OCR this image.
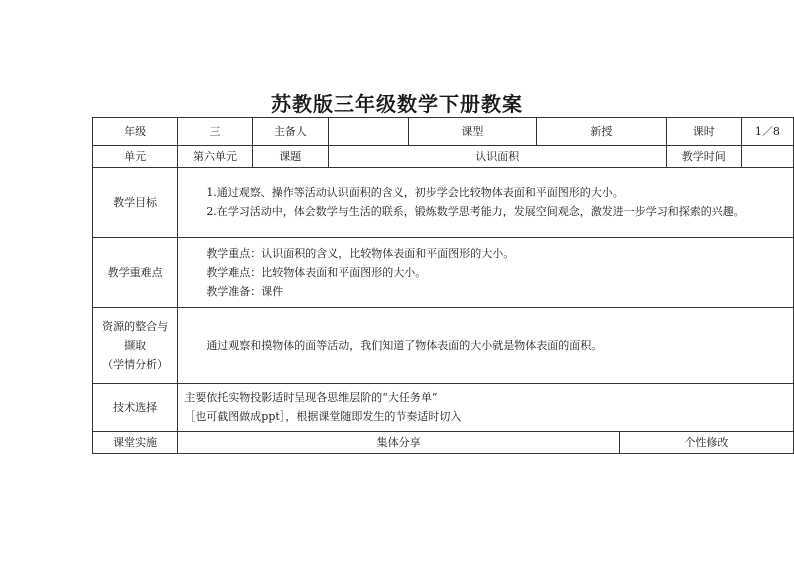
苏教版三年级数学下册教案
年级	三	主备人		课型	新授		课时	1／8
单元	第六单元	课题	认识面积				教学时间	
教学目标	1.通过观察、操作等活动认识面积的含义，初步学会比较物体表面和平面图形的大小。

2.在学习活动中，体会数学与生活的联系，锻炼数学思考能力，发展空间观念，激发进一步学习和探索的兴趣。							

教学重难点	教学重点：认识面积的含义，比较物体表面和平面图形的大小。

教学难点：比较物体表面和平面图形的大小。

教学准备：课件							

资源的整合与

撷取

（学情分析）	通过观察和摸物体的面等活动，我们知道了物体表面的大小就是物体表面的面积。							
技术选择	主要依托实物投影适时呈现各思维层阶的“大任务单”

［也可截图做成ppt］，根据课堂随即发生的节奏适时切入							

课堂实施	集体分享					个性修改		
